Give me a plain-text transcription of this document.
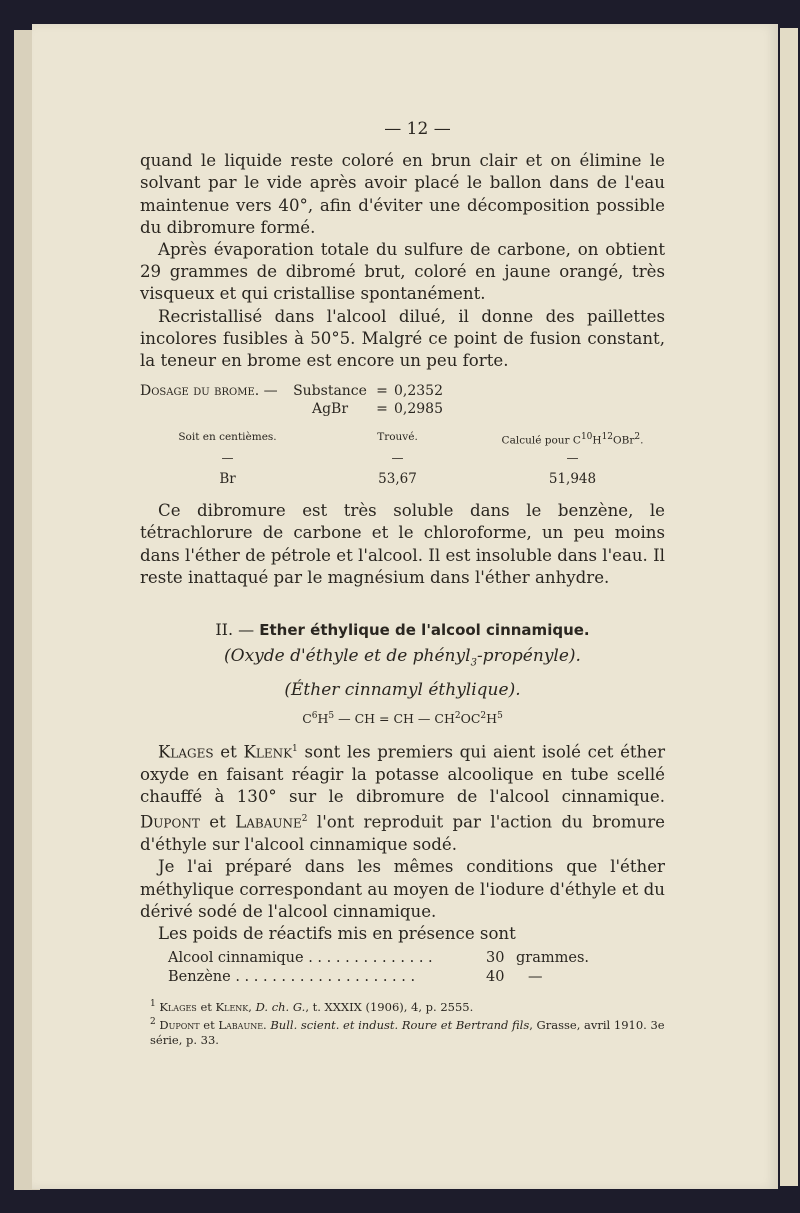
— 12 —

quand le liquide reste coloré en brun clair et on élimine le solvant par le vide après avoir placé le ballon dans de l'eau maintenue vers 40°, afin d'éviter une décomposition possible du dibromure formé.

Après évaporation totale du sulfure de carbone, on obtient 29 grammes de dibromé brut, coloré en jaune orangé, très visqueux et qui cristallise spontanément.

Recristallisé dans l'alcool dilué, il donne des paillettes incolores fusibles à 50°5. Malgré ce point de fusion constant, la teneur en brome est encore un peu forte.

Dosage du brome. —	Substance = 0,2352
AgBr	= 0,2985
Soit en centièmes.	Trouvé.	Calculé pour $C^{10}H^{12}OBr^2$.
—	—	—
Br	53,67	51,948

Ce dibromure est très soluble dans le benzène, le tétrachlorure de carbone et le chloroforme, un peu moins dans l'éther de pétrole et l'alcool. Il est insoluble dans l'eau. Il reste inattaqué par le magnésium dans l'éther anhydre.

II. — Ether éthylique de l'alcool cinnamique.
(Oxyde d'éthyle et de phényl$_3$-propényle).
(Éther cinnamyl éthylique).
$C^6H^5$ — CH = CH — $CH^2OC^2H^5$

Klages et Klenk$^1$ sont les premiers qui aient isolé cet éther oxyde en faisant réagir la potasse alcoolique en tube scellé chauffé à 130° sur le dibromure de l'alcool cinnamique. Dupont et Labaune$^2$ l'ont reproduit par l'action du bromure d'éthyle sur l'alcool cinnamique sodé.

Je l'ai préparé dans les mêmes conditions que l'éther méthylique correspondant au moyen de l'iodure d'éthyle et du dérivé sodé de l'alcool cinnamique.

Les poids de réactifs mis en présence sont

Alcool cinnamique . . . . . . . . . . . . . .	30 grammes.
Benzène . . . . . . . . . . . . . . . . . . . .	40	—
$^1$ Klages et Klenk, D. ch. G., t. XXXIX (1906), 4, p. 2555.
$^2$ Dupont et Labaune. Bull. scient. et indust. Roure et Bertrand fils, Grasse, avril 1910. 3e série, p. 33.
